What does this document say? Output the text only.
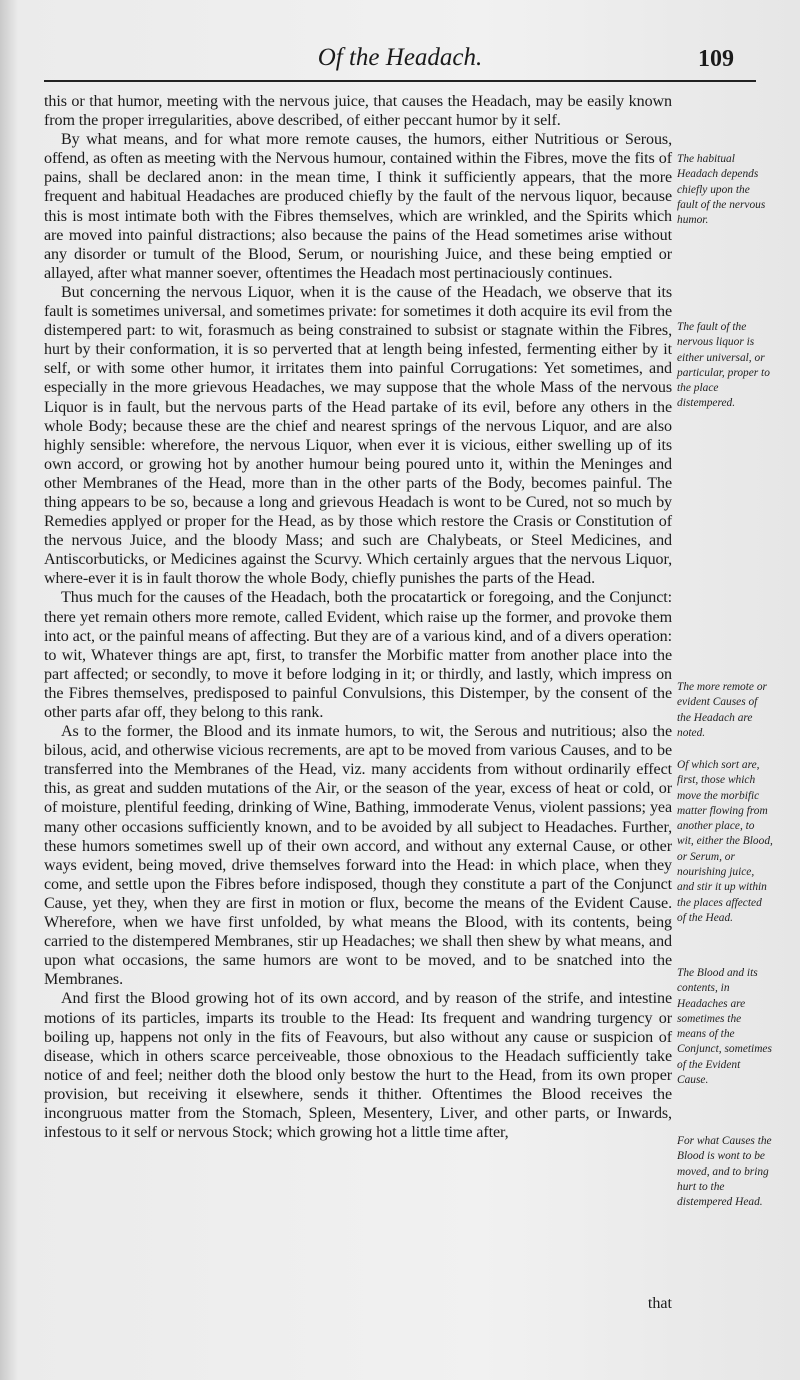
Of the Headach.	109

this or that humor, meeting with the nervous juice, that causes the Headach, may be easily known from the proper irregularities, above described, of either peccant humor by it self.

By what means, and for what more remote causes, the humors, either Nutritious or Serous, offend, as often as meeting with the Nervous humour, contained within the Fibres, move the fits of pains, shall be declared anon: in the mean time, I think it sufficiently appears, that the more frequent and habitual Headaches are produced chiefly by the fault of the nervous liquor, because this is most intimate both with the Fibres themselves, which are wrinkled, and the Spirits which are moved into painful distractions; also because the pains of the Head sometimes arise without any disorder or tumult of the Blood, Serum, or nourishing Juice, and these being emptied or allayed, after what manner soever, oftentimes the Headach most pertinaciously continues.

But concerning the nervous Liquor, when it is the cause of the Headach, we observe that its fault is sometimes universal, and sometimes private: for sometimes it doth acquire its evil from the distempered part: to wit, forasmuch as being constrained to subsist or stagnate within the Fibres, hurt by their conformation, it is so perverted that at length being infested, fermenting either by it self, or with some other humor, it irritates them into painful Corrugations: Yet sometimes, and especially in the more grievous Headaches, we may suppose that the whole Mass of the nervous Liquor is in fault, but the nervous parts of the Head partake of its evil, before any others in the whole Body; because these are the chief and nearest springs of the nervous Liquor, and are also highly sensible: wherefore, the nervous Liquor, when ever it is vicious, either swelling up of its own accord, or growing hot by another humour being poured unto it, within the Meninges and other Membranes of the Head, more than in the other parts of the Body, becomes painful. The thing appears to be so, because a long and grievous Headach is wont to be Cured, not so much by Remedies applyed or proper for the Head, as by those which restore the Crasis or Constitution of the nervous Juice, and the bloody Mass; and such are Chalybeats, or Steel Medicines, and Antiscorbuticks, or Medicines against the Scurvy. Which certainly argues that the nervous Liquor, where-ever it is in fault thorow the whole Body, chiefly punishes the parts of the Head.

Thus much for the causes of the Headach, both the procatartick or foregoing, and the Conjunct: there yet remain others more remote, called Evident, which raise up the former, and provoke them into act, or the painful means of affecting. But they are of a various kind, and of a divers operation: to wit, Whatever things are apt, first, to transfer the Morbific matter from another place into the part affected; or secondly, to move it before lodging in it; or thirdly, and lastly, which impress on the Fibres themselves, predisposed to painful Convulsions, this Distemper, by the consent of the other parts afar off, they belong to this rank.

As to the former, the Blood and its inmate humors, to wit, the Serous and nutritious; also the bilous, acid, and otherwise vicious recrements, are apt to be moved from various Causes, and to be transferred into the Membranes of the Head, viz. many accidents from without ordinarily effect this, as great and sudden mutations of the Air, or the season of the year, excess of heat or cold, or of moisture, plentiful feeding, drinking of Wine, Bathing, immoderate Venus, violent passions; yea many other occasions sufficiently known, and to be avoided by all subject to Headaches. Further, these humors sometimes swell up of their own accord, and without any external Cause, or other ways evident, being moved, drive themselves forward into the Head: in which place, when they come, and settle upon the Fibres before indisposed, though they constitute a part of the Conjunct Cause, yet they, when they are first in motion or flux, become the means of the Evident Cause. Wherefore, when we have first unfolded, by what means the Blood, with its contents, being carried to the distempered Membranes, stir up Headaches; we shall then shew by what means, and upon what occasions, the same humors are wont to be moved, and to be snatched into the Membranes.

And first the Blood growing hot of its own accord, and by reason of the strife, and intestine motions of its particles, imparts its trouble to the Head: Its frequent and wandring turgency or boiling up, happens not only in the fits of Feavours, but also without any cause or suspicion of disease, which in others scarce perceiveable, those obnoxious to the Headach sufficiently take notice of and feel; neither doth the blood only bestow the hurt to the Head, from its own proper provision, but receiving it elsewhere, sends it thither. Oftentimes the Blood receives the incongruous matter from the Stomach, Spleen, Mesentery, Liver, and other parts, or Inwards, infestous to it self or nervous Stock; which growing hot a little time after,

The habitual Headach depends chiefly upon the fault of the nervous humor.
The fault of the nervous liquor is either universal, or particular, proper to the place distempered.
The more remote or evident Causes of the Headach are noted.
Of which sort are, first, those which move the morbific matter flowing from another place, to wit, either the Blood, or Serum, or nourishing juice, and stir it up within the places affected of the Head.
The Blood and its contents, in Headaches are sometimes the means of the Conjunct, sometimes of the Evident Cause.
For what Causes the Blood is wont to be moved, and to bring hurt to the distempered Head.
that
